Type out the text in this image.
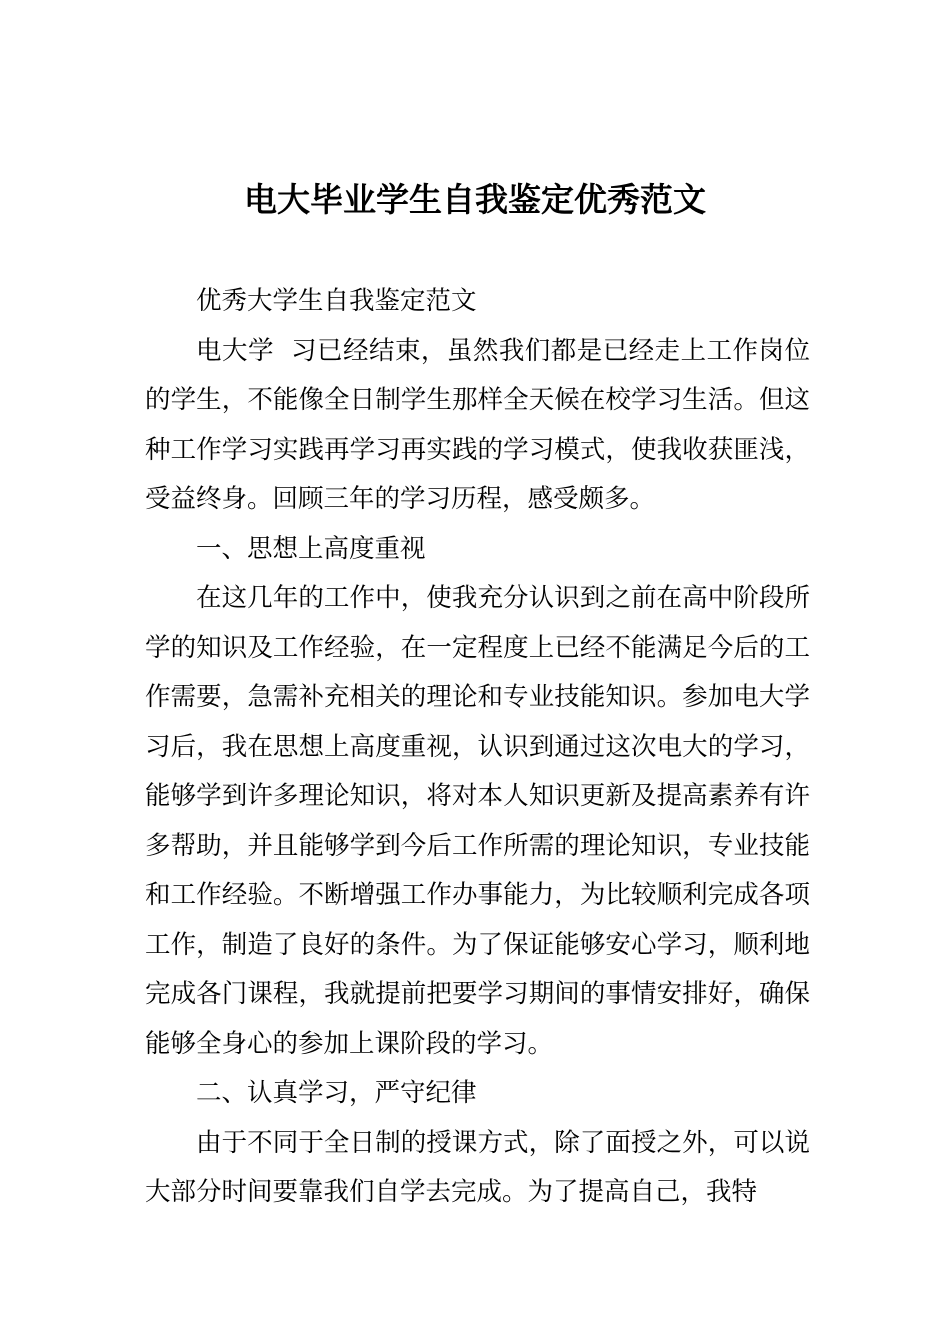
电大毕业学生自我鉴定优秀范文

优秀大学生自我鉴定范文

电大学  习已经结束，虽然我们都是已经走上工作岗位的学生，不能像全日制学生那样全天候在校学习生活。但这种工作学习实践再学习再实践的学习模式，使我收获匪浅，受益终身。回顾三年的学习历程，感受颇多。

一、思想上高度重视

在这几年的工作中，使我充分认识到之前在高中阶段所学的知识及工作经验，在一定程度上已经不能满足今后的工作需要，急需补充相关的理论和专业技能知识。参加电大学习后，我在思想上高度重视，认识到通过这次电大的学习，能够学到许多理论知识，将对本人知识更新及提高素养有许多帮助，并且能够学到今后工作所需的理论知识，专业技能和工作经验。不断增强工作办事能力，为比较顺利完成各项工作，制造了良好的条件。为了保证能够安心学习，顺利地完成各门课程，我就提前把要学习期间的事情安排好，确保能够全身心的参加上课阶段的学习。

二、认真学习，严守纪律

由于不同于全日制的授课方式，除了面授之外，可以说大部分时间要靠我们自学去完成。为了提高自己，我特
